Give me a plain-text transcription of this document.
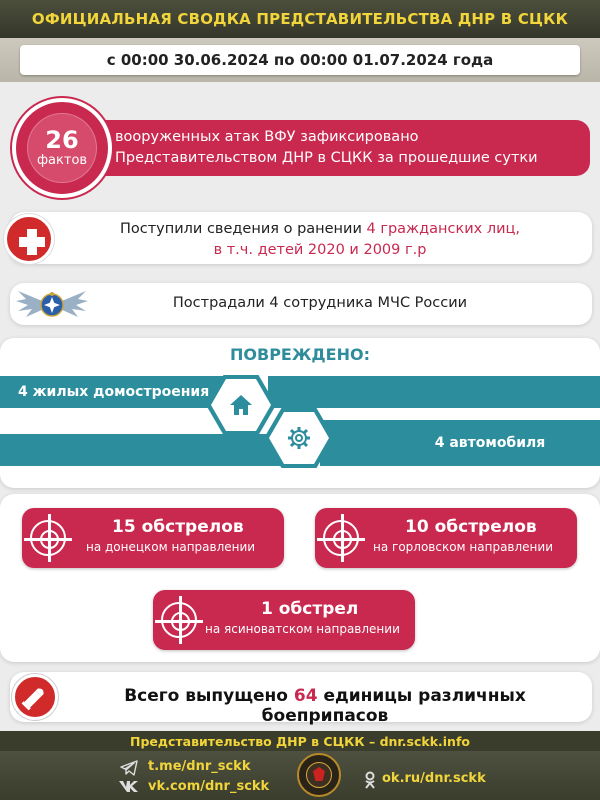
ОФИЦИАЛЬНАЯ СВОДКА ПРЕДСТАВИТЕЛЬСТВА ДНР В СЦКК
с 00:00 30.06.2024 по 00:00 01.07.2024 года
вооруженных атак ВФУ зафиксировано
Представительством ДНР в СЦКК за прошедшие сутки
26
фактов
Поступили сведения о ранении 4 гражданских лиц,
в т.ч. детей 2020 и 2009 г.р
Пострадали 4 сотрудника МЧС России
ПОВРЕЖДЕНО:
4 жилых домостроения
4 автомобиля
15 обстрелов
на донецком направлении
10 обстрелов
на горловском направлении
1 обстрел
на ясиноватском направлении
Всего выпущено 64 единицы различных боеприпасов
Представительство ДНР в СЦКК – dnr.sckk.info
t.me/dnr_sckk
vk.com/dnr_sckk
ok.ru/dnr.sckk
